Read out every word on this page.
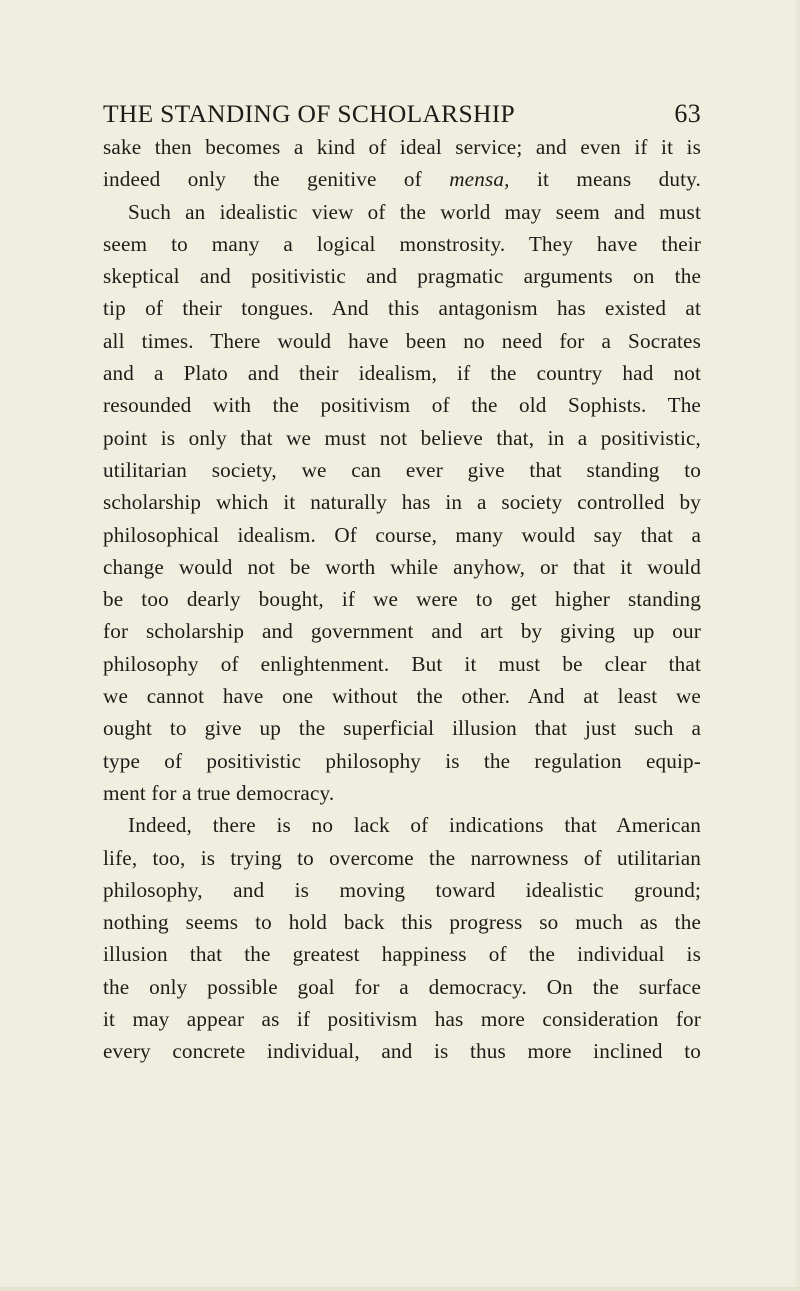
THE STANDING OF SCHOLARSHIP	63
sake then becomes a kind of ideal service; and even if it is
indeed only the genitive of mensa, it means duty.
Such an idealistic view of the world may seem and must
seem to many a logical monstrosity. They have their
skeptical and positivistic and pragmatic arguments on the
tip of their tongues. And this antagonism has existed at
all times. There would have been no need for a Socrates
and a Plato and their idealism, if the country had not
resounded with the positivism of the old Sophists. The
point is only that we must not believe that, in a positivistic,
utilitarian society, we can ever give that standing to
scholarship which it naturally has in a society controlled by
philosophical idealism. Of course, many would say that a
change would not be worth while anyhow, or that it would
be too dearly bought, if we were to get higher standing
for scholarship and government and art by giving up our
philosophy of enlightenment. But it must be clear that
we cannot have one without the other. And at least we
ought to give up the superficial illusion that just such a
type of positivistic philosophy is the regulation equip-
ment for a true democracy.
Indeed, there is no lack of indications that American
life, too, is trying to overcome the narrowness of utilitarian
philosophy, and is moving toward idealistic ground;
nothing seems to hold back this progress so much as the
illusion that the greatest happiness of the individual is
the only possible goal for a democracy. On the surface
it may appear as if positivism has more consideration for
every concrete individual, and is thus more inclined to
